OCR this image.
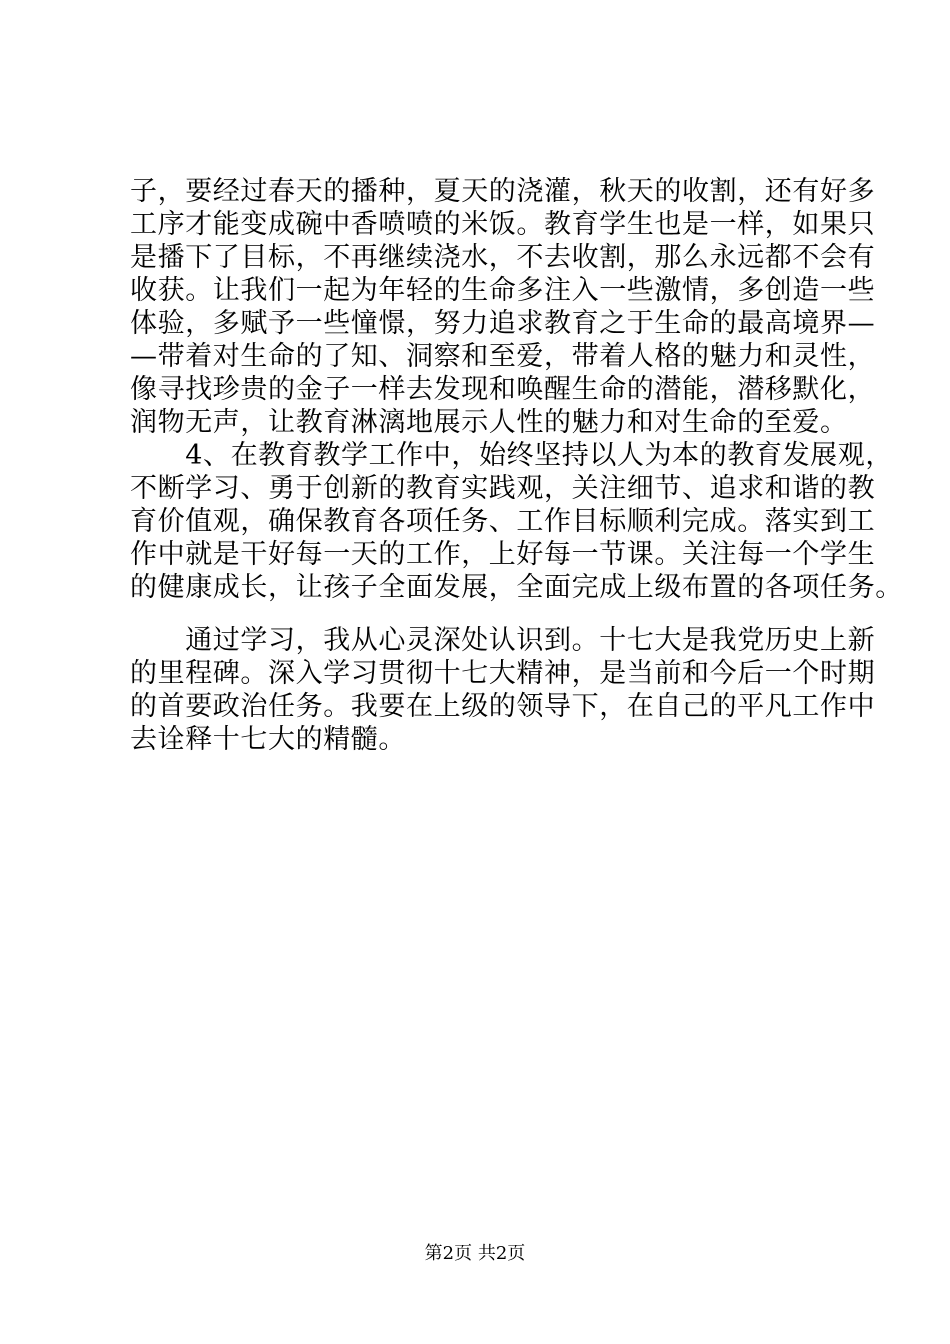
子，要经过春天的播种，夏天的浇灌，秋天的收割，还有好多
工序才能变成碗中香喷喷的米饭。教育学生也是一样，如果只
是播下了目标，不再继续浇水，不去收割，那么永远都不会有
收获。让我们一起为年轻的生命多注入一些激情，多创造一些
体验，多赋予一些憧憬，努力追求教育之于生命的最高境界—
—带着对生命的了知、洞察和至爱，带着人格的魅力和灵性，
像寻找珍贵的金子一样去发现和唤醒生命的潜能，潜移默化，
润物无声，让教育淋漓地展示人性的魅力和对生命的至爱。
　　4、在教育教学工作中，始终坚持以人为本的教育发展观，
不断学习、勇于创新的教育实践观，关注细节、追求和谐的教
育价值观，确保教育各项任务、工作目标顺利完成。落实到工
作中就是干好每一天的工作，上好每一节课。关注每一个学生
的健康成长，让孩子全面发展，全面完成上级布置的各项任务。
　　通过学习，我从心灵深处认识到。十七大是我党历史上新
的里程碑。深入学习贯彻十七大精神，是当前和今后一个时期
的首要政治任务。我要在上级的领导下，在自己的平凡工作中
去诠释十七大的精髓。
第2页 共2页
